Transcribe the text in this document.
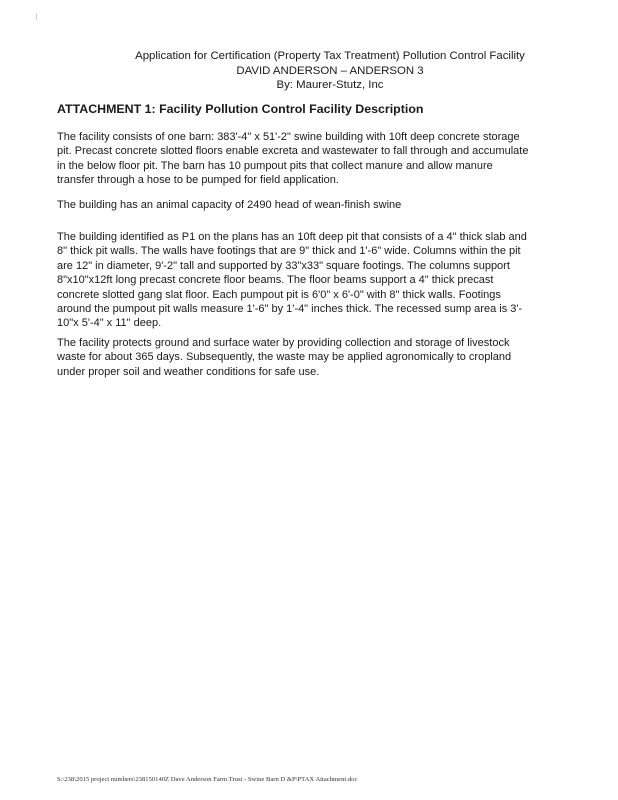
Application for Certification (Property Tax Treatment) Pollution Control Facility
DAVID ANDERSON – ANDERSON 3
By: Maurer-Stutz, Inc
ATTACHMENT 1: Facility Pollution Control Facility Description
The facility consists of one barn: 383'-4" x 51'-2" swine building with 10ft deep concrete storage
pit. Precast concrete slotted floors enable excreta and wastewater to fall through and accumulate
in the below floor pit. The barn has 10 pumpout pits that collect manure and allow manure
transfer through a hose to be pumped for field application.
The building has an animal capacity of 2490 head of wean-finish swine
The building identified as P1 on the plans has an 10ft deep pit that consists of a 4" thick slab and
8" thick pit walls. The walls have footings that are 9" thick and 1'-6" wide. Columns within the pit
are 12" in diameter, 9'-2" tall and supported by 33"x33" square footings. The columns support
8"x10"x12ft long precast concrete floor beams. The floor beams support a 4" thick precast
concrete slotted gang slat floor. Each pumpout pit is 6'0" x 6'-0" with 8" thick walls. Footings
around the pumpout pit walls measure 1'-6" by 1'-4" inches thick. The recessed sump area is 3'-
10"x 5'-4" x 11" deep.
The facility protects ground and surface water by providing collection and storage of livestock
waste for about 365 days. Subsequently, the waste may be applied agronomically to cropland
under proper soil and weather conditions for safe use.
S:\238\2015 project numbers\238150140Z Dave Anderson Farm Trust - Swine Barn D &P\PTAX Attachment.doc
